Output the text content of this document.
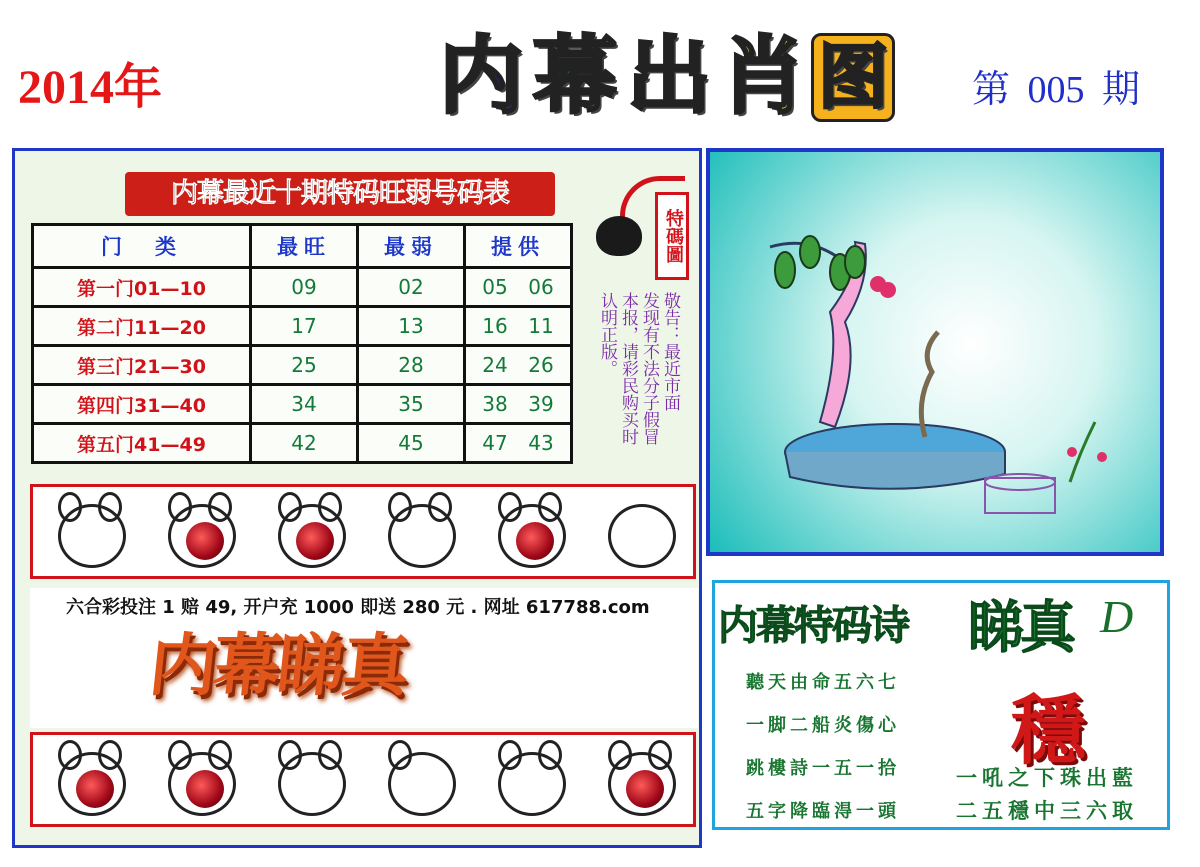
2014年	内 幕 出 肖 图 第 005 期
内幕最近十期特码旺弱号码表
门　类	最旺	最弱	提供
第一门01—10	09	02	05 06
第二门11—20	17	13	16 11
第三门21—30	25	28	24 26
第四门31—40	34	35	38 39
第五门41—49	42	45	47 43
特碼圖
敬告：最近市面
发现有不法分子假冒
本报，请彩民购买时
认明正版。
六合彩投注 1 赔 49, 开户充 1000 即送 280 元 . 网址 617788.com
内幕睇真	内幕特码诗 睇真 D
聽天由命五六七
一脚二船炎傷心
跳樓詩一五一拾
五字降臨淂一頭
穩
一吼之下珠出藍
二五穩中三六取
